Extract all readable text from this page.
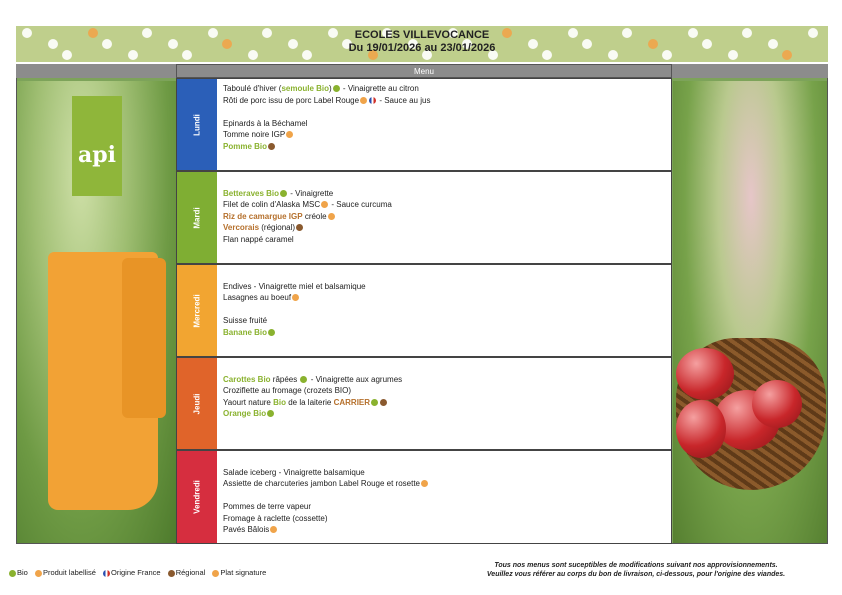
ECOLES VILLEVOCANCE
Du 19/01/2026 au 23/01/2026
api
Menu
Lundi
Taboulé d'hiver (semoule Bio) - Vinaigrette au citron
Rôti de porc issu de porc Label Rouge - Sauce au jus
Epinards à la Béchamel
Tomme noire IGP
Pomme Bio
Mardi
Betteraves Bio - Vinaigrette
Filet de colin d'Alaska MSC - Sauce curcuma
Riz de camargue IGP créole
Vercorais (régional)
Flan nappé caramel
Mercredi
Endives - Vinaigrette miel et balsamique
Lasagnes au boeuf
Suisse fruité
Banane Bio
Jeudi
Carottes Bio râpées  - Vinaigrette aux agrumes
Croziflette au fromage (crozets BIO)
Yaourt nature Bio de la laiterie CARRIER
Orange Bio
Vendredi
Salade iceberg - Vinaigrette balsamique
Assiette de charcuteries jambon Label Rouge et rosette
Pommes de terre vapeur
Fromage à raclette (cossette)
Pavés Bâlois
Bio Produit labellisé Origine France Régional Plat signature
Tous nos menus sont suceptibles de modifications suivant nos approvisionnements.
Veuillez vous référer au corps du bon de livraison, ci-dessous, pour l'origine des viandes.
